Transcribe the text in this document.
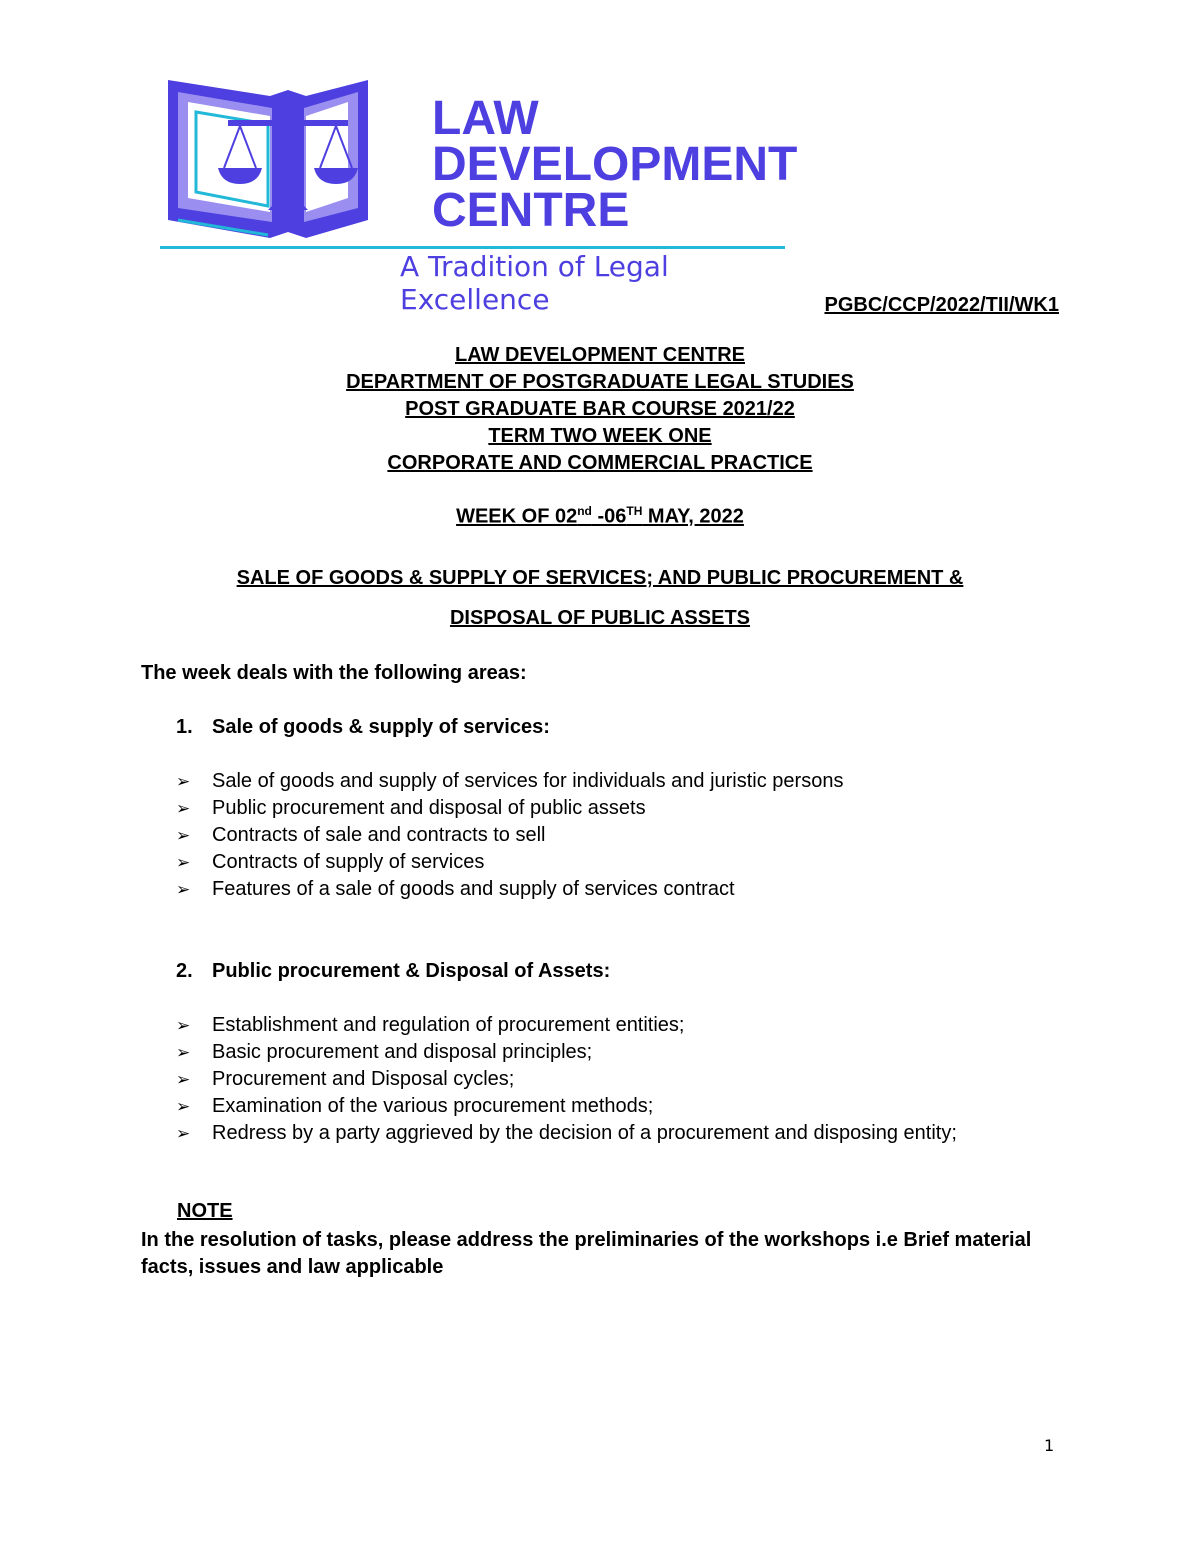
LAW
DEVELOPMENT
CENTRE
A Tradition of Legal Excellence	PGBC/CCP/2022/TII/WK1
LAW DEVELOPMENT CENTRE
DEPARTMENT OF POSTGRADUATE LEGAL STUDIES
POST GRADUATE BAR COURSE 2021/22
TERM TWO WEEK ONE
CORPORATE AND COMMERCIAL PRACTICE
WEEK OF 02nd -06TH MAY, 2022
SALE OF GOODS & SUPPLY OF SERVICES; AND PUBLIC PROCUREMENT &
DISPOSAL OF PUBLIC ASSETS
The week deals with the following areas:
1. Sale of goods & supply of services:
➢ Sale of goods and supply of services for individuals and juristic persons
➢ Public procurement and disposal of public assets
➢ Contracts of sale and contracts to sell
➢ Contracts of supply of services
➢ Features of a sale of goods and supply of services contract
2. Public procurement & Disposal of Assets:
➢ Establishment and regulation of procurement entities;
➢ Basic procurement and disposal principles;
➢ Procurement and Disposal cycles;
➢ Examination of the various procurement methods;
➢ Redress by a party aggrieved by the decision of a procurement and disposing entity;
NOTE
In the resolution of tasks, please address the preliminaries of the workshops i.e Brief material facts, issues and law applicable
1
